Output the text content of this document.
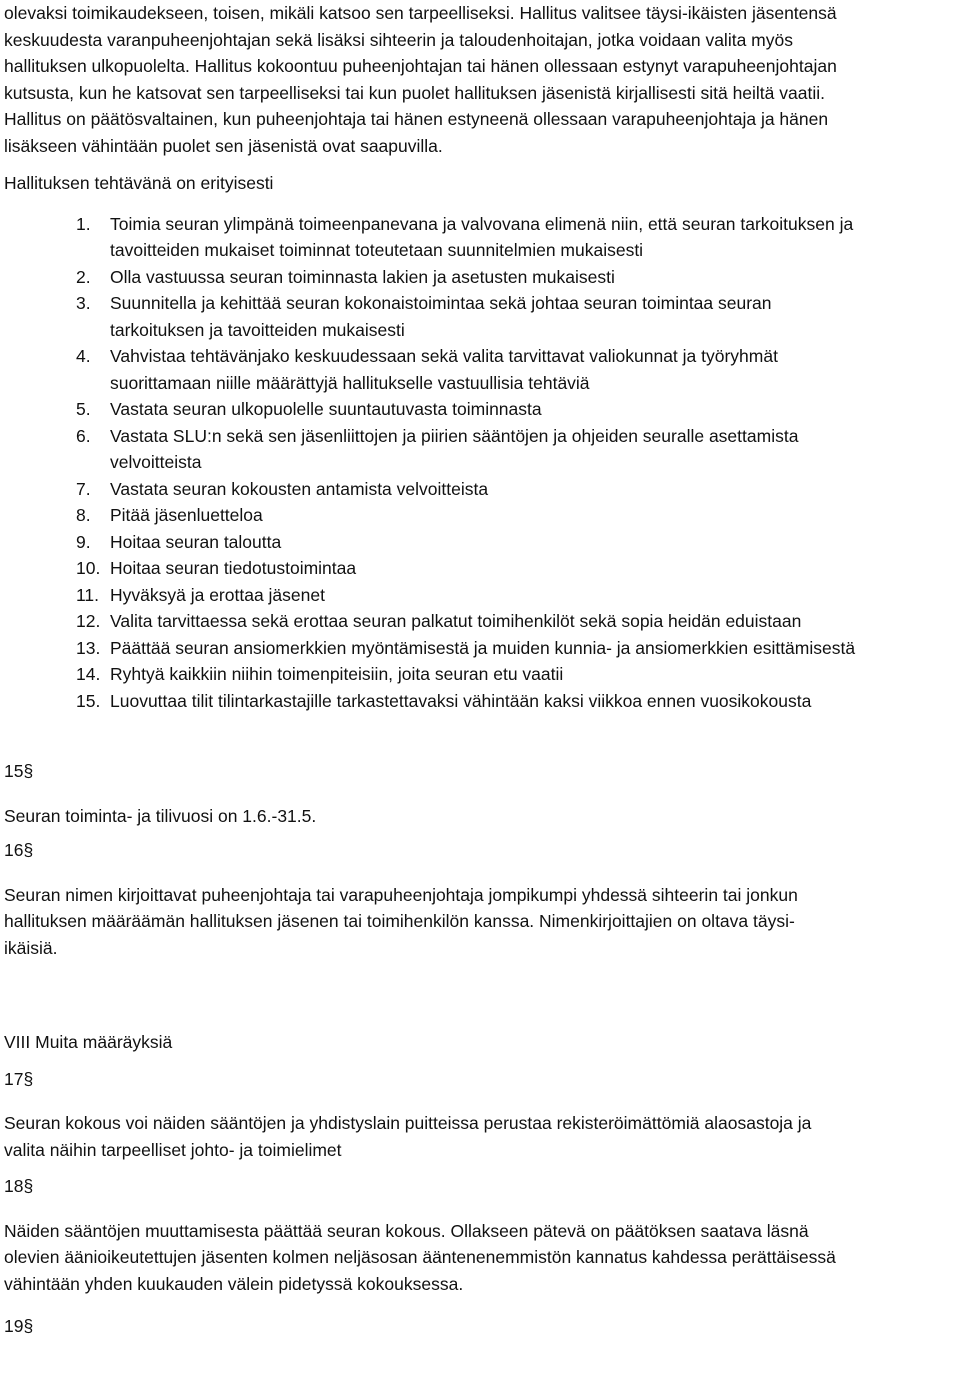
olevaksi toimikaudekseen, toisen, mikäli katsoo sen tarpeelliseksi. Hallitus valitsee täysi-ikäisten jäsentensä
keskuudesta varanpuheenjohtajan sekä lisäksi sihteerin ja taloudenhoitajan, jotka voidaan valita myös
hallituksen ulkopuolelta. Hallitus kokoontuu puheenjohtajan tai hänen ollessaan estynyt varapuheenjohtajan
kutsusta, kun he katsovat sen tarpeelliseksi tai kun puolet hallituksen jäsenistä kirjallisesti sitä heiltä vaatii.
Hallitus on päätösvaltainen, kun puheenjohtaja tai hänen estyneenä ollessaan varapuheenjohtaja ja hänen
lisäkseen vähintään puolet sen jäsenistä ovat saapuvilla.
Hallituksen tehtävänä on erityisesti
1. Toimia seuran ylimpänä toimeenpanevana ja valvovana elimenä niin, että seuran tarkoituksen ja
tavoitteiden mukaiset toiminnat toteutetaan suunnitelmien mukaisesti
2. Olla vastuussa seuran toiminnasta lakien ja asetusten mukaisesti
3. Suunnitella ja kehittää seuran kokonaistoimintaa sekä johtaa seuran toimintaa seuran
tarkoituksen ja tavoitteiden mukaisesti
4. Vahvistaa tehtävänjako keskuudessaan sekä valita tarvittavat valiokunnat ja työryhmät
suorittamaan niille määrättyjä hallitukselle vastuullisia tehtäviä
5. Vastata seuran ulkopuolelle suuntautuvasta toiminnasta
6. Vastata SLU:n sekä sen jäsenliittojen ja piirien sääntöjen ja ohjeiden seuralle asettamista
velvoitteista
7. Vastata seuran kokousten antamista velvoitteista
8. Pitää jäsenluetteloa
9. Hoitaa seuran taloutta
10. Hoitaa seuran tiedotustoimintaa
11. Hyväksyä ja erottaa jäsenet
12. Valita tarvittaessa sekä erottaa seuran palkatut toimihenkilöt sekä sopia heidän eduistaan
13. Päättää seuran ansiomerkkien myöntämisestä ja muiden kunnia- ja ansiomerkkien esittämisestä
14. Ryhtyä kaikkiin niihin toimenpiteisiin, joita seuran etu vaatii
15. Luovuttaa tilit tilintarkastajille tarkastettavaksi vähintään kaksi viikkoa ennen vuosikokousta
15§
Seuran toiminta- ja tilivuosi on 1.6.-31.5.
16§
Seuran nimen kirjoittavat puheenjohtaja tai varapuheenjohtaja jompikumpi yhdessä sihteerin tai jonkun
hallituksen määräämän hallituksen jäsenen tai toimihenkilön kanssa. Nimenkirjoittajien on oltava täysi-
ikäisiä.
VIII Muita määräyksiä
17§
Seuran kokous voi näiden sääntöjen ja yhdistyslain puitteissa perustaa rekisteröimättömiä alaosastoja ja
valita näihin tarpeelliset johto- ja toimielimet
18§
Näiden sääntöjen muuttamisesta päättää seuran kokous. Ollakseen pätevä on päätöksen saatava läsnä
olevien äänioikeutettujen jäsenten kolmen neljäsosan ääntenenemmistön kannatus kahdessa perättäisessä
vähintään yhden kuukauden välein pidetyssä kokouksessa.
19§
